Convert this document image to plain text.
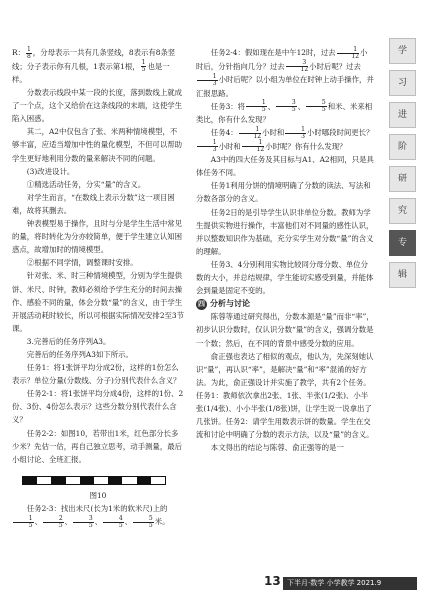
R： $\frac{1}{8}$ ，分母表示一共有几条竖线，8表示有8条竖线；分子表示你有几根，1表示第1根， $\frac{1}{5}$ 也是一样。

分数表示线段中某一段的长度，落到数线上就成了一个点，这个又给价在这条线段的末端，这使学生陷入困惑。

其二，A2中仅包含了张、米两种情境模型，不够丰富，应适当增加中性的量化模型，不但可以帮助学生更好地利用分数的量来解决不同的问题。

(3)改进设计。

①精选活动任务，分实“量”的含义。

对学生而言，“在数线上表示分数”这一项目困难，故将其删去。

钟表模型易于操作，且时与分是学生生活中常见的量，将时转化为分亦较简单，便于学生建立认知困惑点，故增加时的情境模型。

②根据不同学情，调整课时安排。

针对张、米、时三种情境模型，分别为学生提供饼、米尺、时钟，教师必须给予学生充分的时间去操作、感验不同的量，体会分数“量”的含义，由于学生开展活动耗时较长，所以可根据实际情况安排2至3节课。

3.完善后的任务序列A3。

完善后的任务序列A3如下所示。

任务1：将1张饼平均分成2份，这样的1份怎么表示？单位分量(分数线、分子)分别代表什么含义？

任务2-1：将1张饼平均分成4份，这样的1份、2份、3份、4份怎么表示？这些分数分别代表什么含义？

任务2-2：如图10，若带出1米，红色部分长多少米？先估一估，再自己独立思考，动手测量，最后小组讨论、全班汇报。

图10

任务2-3：找出未尺(长为1米的软米尺)上的
$\frac{1}{5}$ 、 $\frac{2}{5}$ 、 $\frac{3}{5}$ 、 $\frac{4}{5}$ 、 $\frac{5}{5}$ 米。

任务2-4：假如现在是中午12时，过去 $\frac{1}{12}$ 小时后，分针指向几分？过去 $\frac{3}{12}$ 小时后呢？过去
$\frac{1}{3}$ 小时后呢？以小组为单位在时钟上动手操作，并汇报思路。

任务3：将 $\frac{1}{5}$ 、 $\frac{3}{5}$ 、 $\frac{5}{5}$ 和米、米来相类比，你有什么发现？

任务4： $\frac{1}{12}$ 小时和 $\frac{1}{3}$ 小时哪段时间更长？
$\frac{1}{3}$ 小时和 $\frac{1}{12}$ 小时呢？你有什么发现？

A3中的四大任务及其目标与A1、A2相同，只是具体任务不同。

任务1利用分饼的情境明确了分数的读法、写法和分数各部分的含义。

任务2日的是引导学生认识非单位分数。教师为学生提供实物进行操作，丰富他们对不同量的感性认识，并以整数知识作为基础，充分实学生对分数“量”的含义的理解。

任务3、4分别利用实物比较同分母分数、单位分数的大小，并总结规律，学生能切实感受到量，并能体会到量是固定不变的。

四 分析与讨论

陈蓉等通过研究得出，分数本源是“量”而非“率”，初步认识分数时，仅认识分数“量”的含义，强调分数是一个数；然后，在不同的背景中感受分数的应用。

俞正强也表达了相似的观点，他认为，先深刻她认识“量”，再认识“率”，是解决“量”和“率”混淆的好方法。为此，俞正强设计并实施了教学，共有2个任务。任务1：教师依次拿出2张、1张、半张(1/2张)、小半张(1/4张)、小小半张(1/8张)饼，让学生说一说拿出了几张饼。任务2：请学生用数表示饼的数量。学生在交流和讨论中明确了分数的表示方法，以及“量”的含义。

本文得出的结论与陈蓉、俞正强等的是一

学
习
进
阶
研
究
专
辑
13 下半月·数学 小学教学 2021.9
